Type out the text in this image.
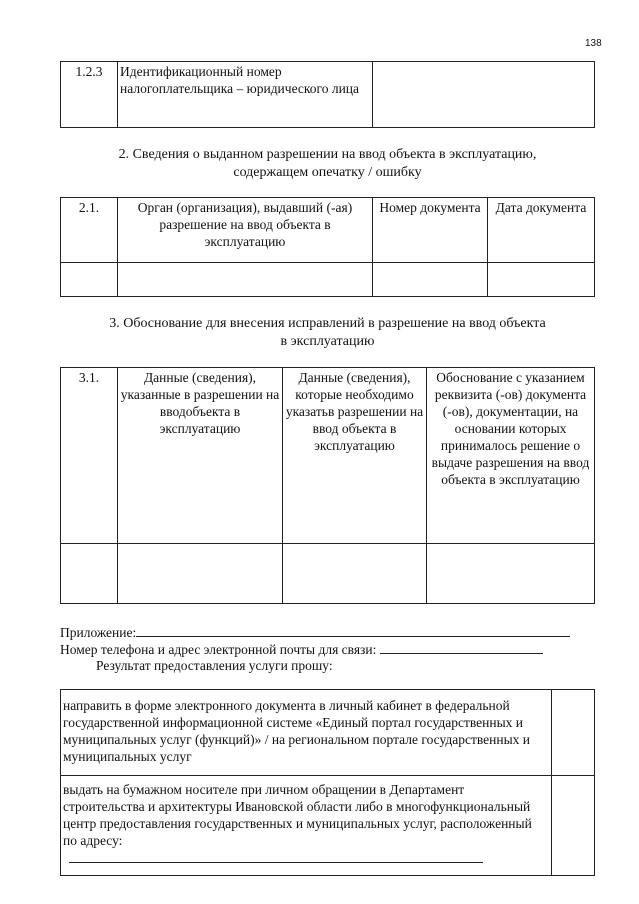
138
1.2.3	Идентификационный номер налогоплательщика – юридического лица	
2. Сведения о выданном разрешении на ввод объекта в эксплуатацию,
содержащем опечатку / ошибку
2.1.	Орган (организация), выдавший (-ая) разрешение на ввод объекта в эксплуатацию	Номер документа	Дата документа

3. Обоснование для внесения исправлений в разрешение на ввод объекта
в эксплуатацию
3.1.	Данные (сведения), указанные в разрешении на вводобъекта в эксплуатацию	Данные (сведения), которые необходимо указатьв разрешении на ввод объекта в эксплуатацию	Обоснование с указанием реквизита (-ов) документа (-ов), документации, на основании которых принималось решение о выдаче разрешения на ввод объекта в эксплуатацию

Приложение:
Номер телефона и адрес электронной почты для связи:
Результат предоставления услуги прошу:
направить в форме электронного документа в личный кабинет в федеральной государственной информационной системе «Единый портал государственных и муниципальных услуг (функций)» / на региональном портале государственных и муниципальных услуг	

выдать на бумажном носителе при личном обращении в Департамент строительства и архитектуры Ивановской области либо в многофункциональный центр предоставления государственных и муниципальных услуг, расположенный по адресу:	
